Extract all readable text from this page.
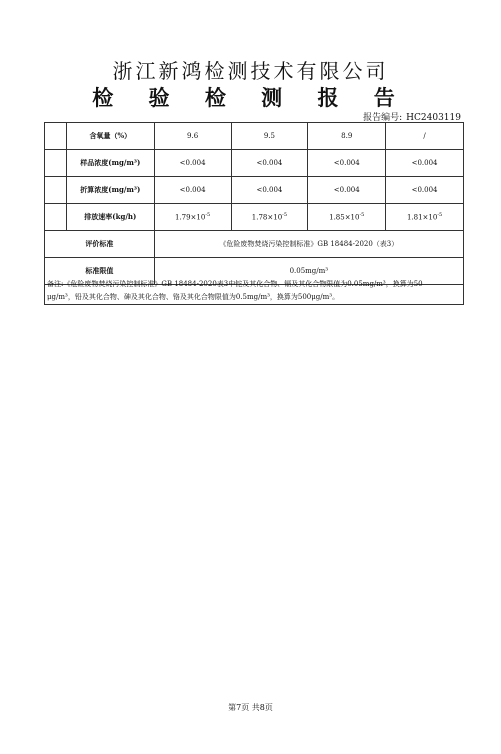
浙江新鸿检测技术有限公司
检 验 检 测 报 告
报告编号: HC2403119
	含氧量（%）	9.6	9.5	8.9	/
	样品浓度(mg/m³)	<0.004	<0.004	<0.004	<0.004
	折算浓度(mg/m³)	<0.004	<0.004	<0.004	<0.004
	排放速率(kg/h)	$1.79\times 10^{-5}$	$1.78\times 10^{-5}$	$1.85\times 10^{-5}$	$1.81\times 10^{-5}$
评价标准		《危险废物焚烧污染控制标准》GB 18484-2020（表3）			
标准限值		0.05mg/m³			
备注:《危险废物焚烧污染控制标准》GB 18484-2020表3中铊及其化合物、镉及其化合物限值为0.05mg/m³，换算为50
μg/m³，铅及其化合物、砷及其化合物、铬及其化合物限值为0.5mg/m³，换算为500μg/m³。
第7页 共8页
